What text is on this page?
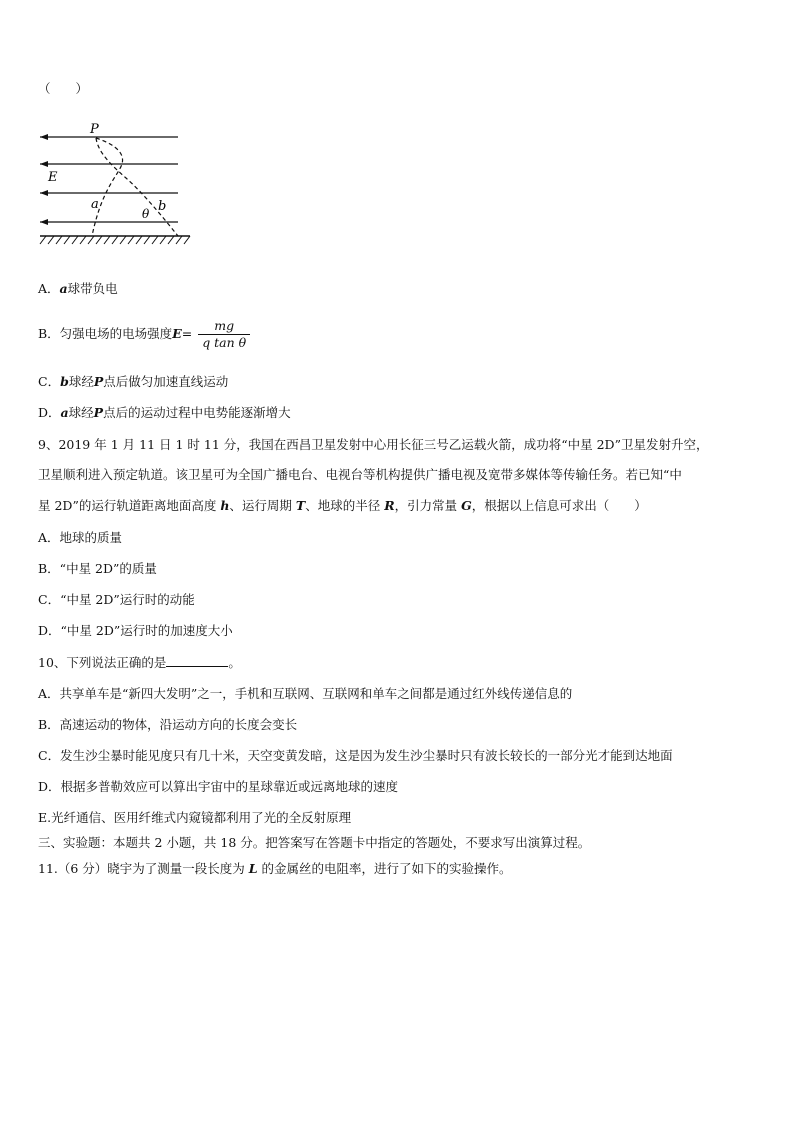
（　　）
P
E
a	b
θ
A．a球带负电
B．匀强电场的电场强度$E= \frac{mg}{\text{q tan θ}}$
C．b球经P点后做匀加速直线运动
D．a球经P点后的运动过程中电势能逐渐增大
9、2019 年 1 月 11 日 1 时 11 分，我国在西昌卫星发射中心用长征三号乙运载火箭，成功将“中星 2D”卫星发射升空，
卫星顺利进入预定轨道。该卫星可为全国广播电台、电视台等机构提供广播电视及宽带多媒体等传输任务。若已知“中
星 2D”的运行轨道距离地面高度 h、运行周期 T、地球的半径 R，引力常量 G，根据以上信息可求出（　　）
A．地球的质量
B．“中星 2D”的质量
C．“中星 2D”运行时的动能
D．“中星 2D”运行时的加速度大小
10、下列说法正确的是	。
A．共享单车是“新四大发明”之一，手机和互联网、互联网和单车之间都是通过红外线传递信息的
B．高速运动的物体，沿运动方向的长度会变长
C．发生沙尘暴时能见度只有几十米，天空变黄发暗，这是因为发生沙尘暴时只有波长较长的一部分光才能到达地面
D．根据多普勒效应可以算出宇宙中的星球靠近或远离地球的速度
E.光纤通信、医用纤维式内窥镜都利用了光的全反射原理
三、实验题：本题共 2 小题，共 18 分。把答案写在答题卡中指定的答题处，不要求写出演算过程。
11.（6 分）晓宇为了测量一段长度为 L 的金属丝的电阻率，进行了如下的实验操作。
